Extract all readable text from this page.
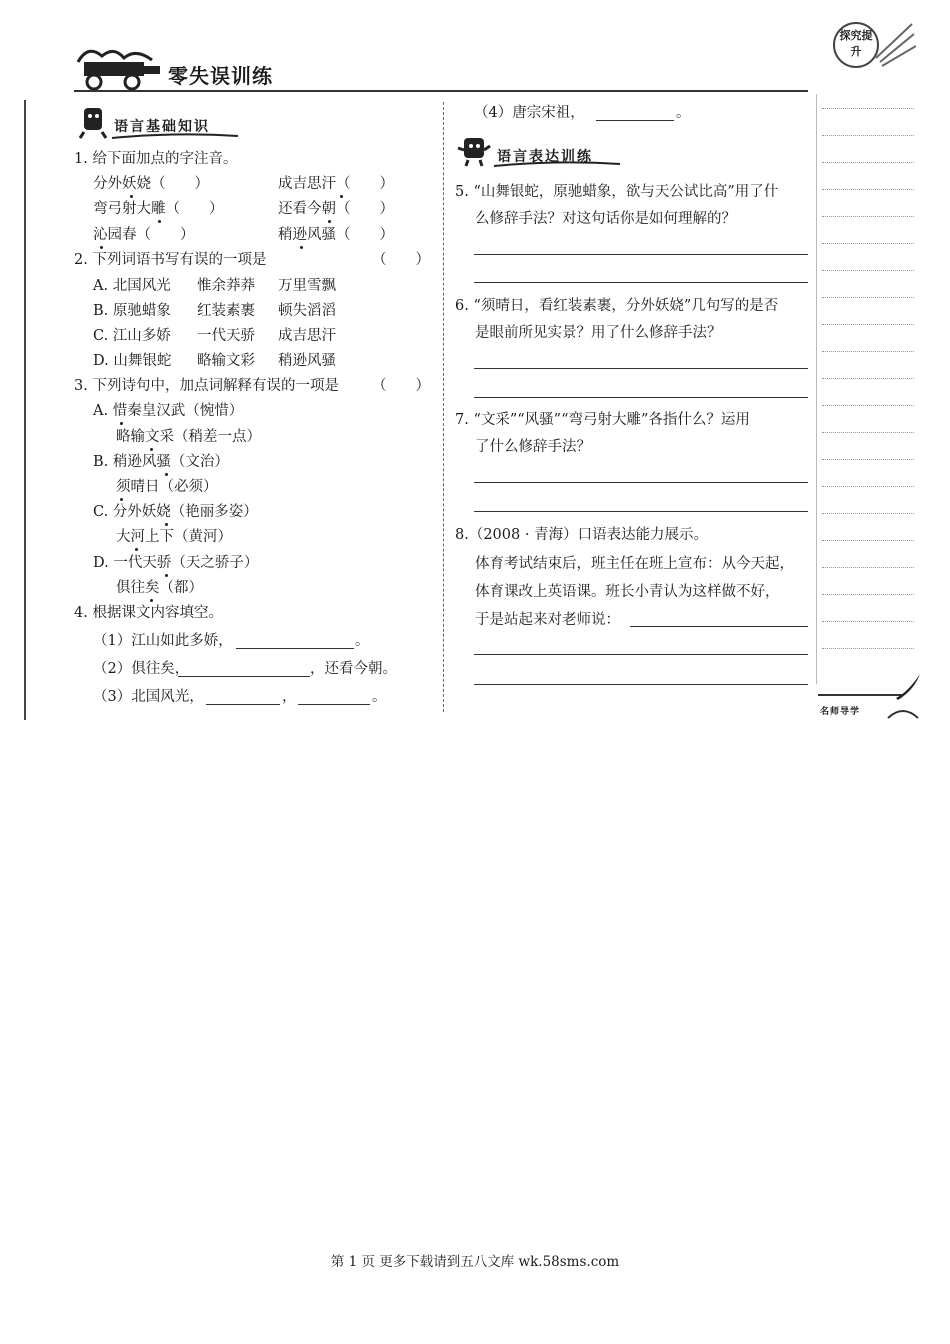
零失误训练
探究提升
语言基础知识
1. 给下面加点的字注音。
分外妖娆（　　）	成吉思汗（　　）
弯弓射大雕（　　）	还看今朝（　　）
沁园春（　　）	稍逊风骚（　　）
2. 下列词语书写有误的一项是	（　　）
A. 北国风光 惟余莽莽 万里雪飘
B. 原驰蜡象 红装素裹 顿失滔滔
C. 江山多娇 一代天骄 成吉思汗
D. 山舞银蛇 略输文彩 稍逊风骚
3. 下列诗句中，加点词解释有误的一项是 （　　）
A. 惜秦皇汉武（惋惜）
略输文采（稍差一点）
B. 稍逊风骚（文治）
须晴日（必须）
C. 分外妖娆（艳丽多姿）
大河上下（黄河）
D. 一代天骄（天之骄子）
俱往矣（都）
4. 根据课文内容填空。
（1）江山如此多娇，	。
（2）俱往矣，	，还看今朝。
（3）北国风光，	，	。
（4）唐宗宋祖，	。
语言表达训练
5. “山舞银蛇，原驰蜡象，欲与天公试比高”用了什
么修辞手法？对这句话你是如何理解的？
6. “须晴日，看红装素裹，分外妖娆”几句写的是否
是眼前所见实景？用了什么修辞手法？
7. “文采”“风骚”“弯弓射大雕”各指什么？运用
了什么修辞手法？
8.（2008 · 青海）口语表达能力展示。
体育考试结束后，班主任在班上宣布：从今天起，
体育课改上英语课。班长小青认为这样做不好，
于是站起来对老师说：
名师导学
第 1 页 更多下载请到五八文库 wk.58sms.com
